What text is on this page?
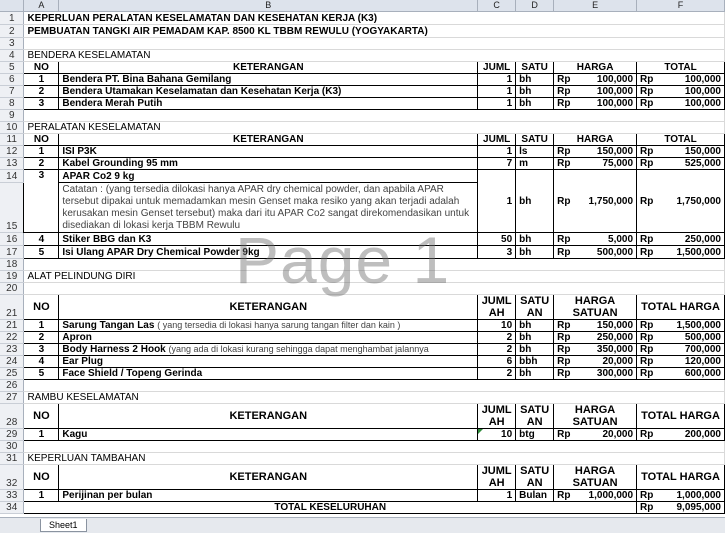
	A	B	C	D	E	F
1	KEPERLUAN PERALATAN KESELAMATAN DAN KESEHATAN KERJA (K3)					
2	PEMBUATAN TANGKI AIR PEMADAM KAP. 8500 KL TBBM REWULU (YOGYAKARTA)					
3						
4	BENDERA KESELAMATAN					
5	NO	KETERANGAN	JUML	SATU	HARGA	TOTAL
6	1	Bendera PT. Bina Bahana Gemilang	1	bh	Rp 100,000	Rp 100,000

7	2	Bendera Utamakan Keselamatan dan Kesehatan Kerja (K3)	1	bh	Rp 100,000	Rp 100,000

8	3	Bendera Merah Putih	1	bh	Rp 100,000	Rp 100,000

9						
10	PERALATAN KESELAMATAN					
11	NO	KETERANGAN	JUML	SATU	HARGA	TOTAL
12	1	ISI P3K	1	ls	Rp 150,000	Rp 150,000

13	2	Kabel Grounding 95 mm	7	m	Rp 75,000	Rp 525,000

14	3	APAR Co2 9 kg	1	bh	Rp 1,750,000	Rp 1,750,000

15		Catatan : (yang tersedia dilokasi hanya APAR dry chemical powder, dan apabila APAR tersebut dipakai untuk memadamkan mesin Genset maka resiko yang akan terjadi adalah kerusakan mesin Genset tersebut) maka dari itu APAR Co2 sangat direkomendasikan untuk disediakan di lokasi kerja TBBM Rewulu				
16	4	Stiker BBG dan K3	50	bh	Rp 5,000	Rp 250,000

17	5	Isi Ulang APAR Dry Chemical Powder 9kg	3	bh	Rp 500,000	Rp 1,500,000

18						
19	ALAT PELINDUNG DIRI					
20						
21	NO	KETERANGAN	JUML AH	SATU AN	HARGA SATUAN	TOTAL HARGA
21	1	Sarung Tangan Las ( yang tersedia di lokasi hanya sarung tangan filter dan kain )	10	bh	Rp 150,000	Rp 1,500,000

22	2	Apron	2	bh	Rp 250,000	Rp 500,000

23	3	Body Harness 2 Hook (yang ada di lokasi kurang sehingga dapat menghambat jalannya	2	bh	Rp 350,000	Rp 700,000

24	4	Ear Plug	6	bbh	Rp 20,000	Rp 120,000

25	5	Face Shield / Topeng Gerinda	2	bh	Rp 300,000	Rp 600,000

26						
27	RAMBU KESELAMATAN					
28	NO	KETERANGAN	JUML AH	SATU AN	HARGA SATUAN	TOTAL HARGA
29	1	Kagu	10	btg	Rp 20,000	Rp 200,000

30						
31	KEPERLUAN TAMBAHAN					
32	NO	KETERANGAN	JUML AH	SATU AN	HARGA SATUAN	TOTAL HARGA
33	1	Perijinan per bulan	1	Bulan	Rp 1,000,000	Rp 1,000,000

34	TOTAL KESELURUHAN					Rp 9,095,000
Page 1
Sheet1
